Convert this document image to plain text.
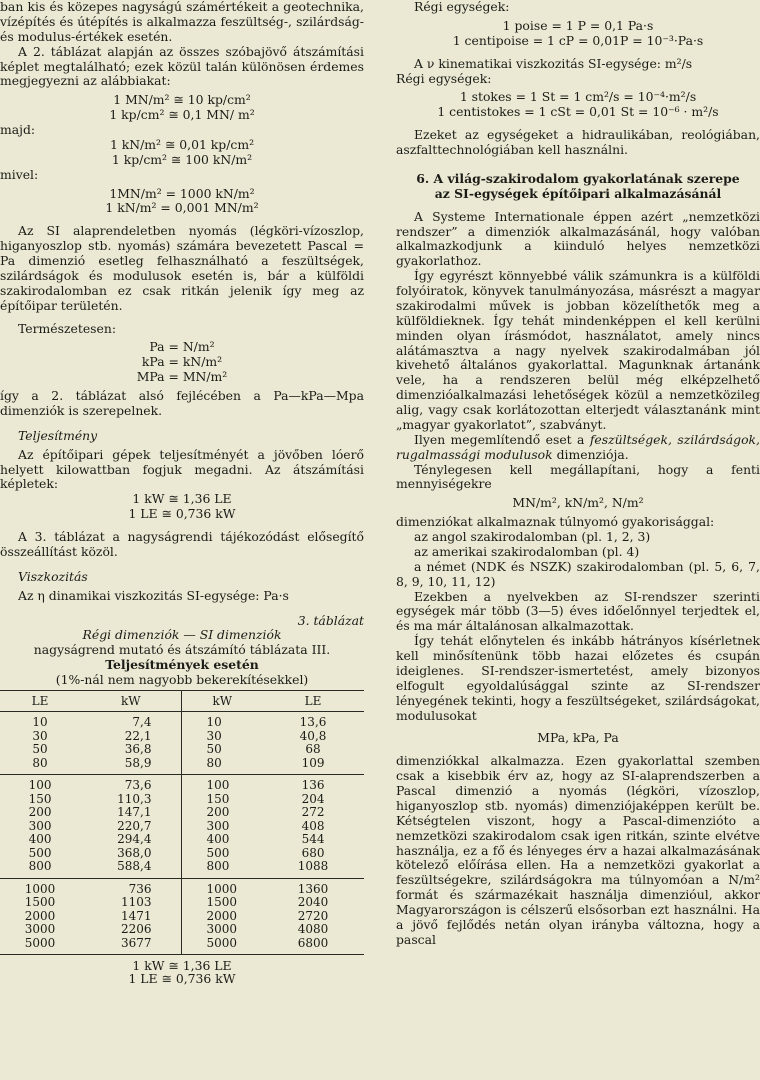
ban kis és közepes nagyságú számértékeit a geotechnika, vízépítés és útépítés is alkalmazza feszültség-, szilárdság- és modulus-értékek esetén.

A 2. táblázat alapján az összes szóbajövő átszámítási képlet megtalálható; ezek közül talán különösen érdemes megjegyezni az alábbiakat:

1 MN/m² ≅ 10 kp/cm²

1 kp/cm² ≅ 0,1 MN/ m²

majd:

1 kN/m² ≅ 0,01 kp/cm²

1 kp/cm² ≅ 100 kN/m²

mivel:

1MN/m² = 1000 kN/m²

1 kN/m² = 0,001 MN/m²

Az SI alaprendeletben nyomás (légköri-vízoszlop, higanyoszlop stb. nyomás) számára bevezetett Pascal = Pa dimenzió esetleg felhasználható a feszültségek, szilárdságok és modulusok esetén is, bár a külföldi szakirodalomban ez csak ritkán jelenik így meg az építőipar területén.

Természetesen:

Pa = N/m²

kPa = kN/m²

MPa = MN/m²

így a 2. táblázat alsó fejlécében a Pa—kPa—Mpa dimenziók is szerepelnek.

Teljesítmény

Az építőipari gépek teljesítményét a jövőben lóerő helyett kilowattban fogjuk megadni. Az átszámítási képletek:

1 kW ≅ 1,36 LE

1 LE ≅ 0,736 kW

A 3. táblázat a nagyságrendi tájékozódást elősegítő összeállítást közöl.

Viszkozitás

Az η dinamikai viszkozitás SI-egysége: Pa·s

3. táblázat

Régi dimenziók — SI dimenziók

nagyságrend mutató és átszámító táblázata III.

Teljesítmények esetén

(1%-nál nem nagyobb bekerekítésekkel)

LE	kW	kW	LE
10	7,4	10	13,6
30	22,1	30	40,8
50	36,8	50	68
80	58,9	80	109
100	73,6	100	136
150	110,3	150	204
200	147,1	200	272
300	220,7	300	408
400	294,4	400	544
500	368,0	500	680
800	588,4	800	1088
1000	736	1000	1360
1500	1103	1500	2040
2000	1471	2000	2720
3000	2206	3000	4080
5000	3677	5000	6800

1 kW ≅ 1,36 LE

1 LE ≅ 0,736 kW

Régi egységek:

1 poise = 1 P = 0,1 Pa·s

1 centipoise = 1 cP = 0,01P = 10⁻³·Pa·s

A ν kinematikai viszkozitás SI-egysége: m²/s

Régi egységek:

1 stokes = 1 St = 1 cm²/s = 10⁻⁴·m²/s

1 centistokes = 1 cSt = 0,01 St = 10⁻⁶ · m²/s

Ezeket az egységeket a hidraulikában, reológiában, aszfalttechnológiában kell használni.

6. A világ-szakirodalom gyakorlatának szerepe

az SI-egységek építőipari alkalmazásánál

A Systeme Internationale éppen azért „nemzetközi rendszer” a dimenziók alkalmazásánál, hogy valóban alkalmazkodjunk a kiinduló helyes nemzetközi gyakorlathoz.

Így egyrészt könnyebbé válik számunkra is a külföldi folyóiratok, könyvek tanulmányozása, másrészt a magyar szakirodalmi művek is jobban közelíthetők meg a külföldieknek. Így tehát mindenképpen el kell kerülni minden olyan írásmódot, használatot, amely nincs alátámasztva a nagy nyelvek szakirodalmában jól kivehető általános gyakorlattal. Magunknak ártanánk vele, ha a rendszeren belül még elképzelhető dimenzióalkalmazási lehetőségek közül a nemzetközileg alig, vagy csak korlátozottan elterjedt választanánk mint „magyar gyakorlatot”, szabványt.

Ilyen megemlítendő eset a feszültségek, szilárdságok, rugalmassági modulusok dimenziója.

Ténylegesen kell megállapítani, hogy a fenti mennyiségekre

MN/m², kN/m², N/m²

dimenziókat alkalmaznak túlnyomó gyakorisággal:

az angol szakirodalomban (pl. 1, 2, 3)

az amerikai szakirodalomban (pl. 4)

a német (NDK és NSZK) szakirodalomban (pl. 5, 6, 7, 8, 9, 10, 11, 12)

Ezekben a nyelvekben az SI-rendszer szerinti egységek már több (3—5) éves időelőnnyel terjedtek el, és ma már általánosan alkalmazottak.

Így tehát előnytelen és inkább hátrányos kísérletnek kell minősítenünk több hazai előzetes és csupán ideiglenes. SI-rendszer-ismertetést, amely bizonyos elfogult egyoldalúsággal szinte az SI-rendszer lényegének tekinti, hogy a feszültségeket, szilárdságokat, modulusokat

MPa, kPa, Pa

dimenziókkal alkalmazza. Ezen gyakorlattal szemben csak a kisebbik érv az, hogy az SI-alaprendszerben a Pascal dimenzió a nyomás (légköri, vízoszlop, higanyoszlop stb. nyomás) dimenziójaképpen került be. Kétségtelen viszont, hogy a Pascal-dimenzióto a nemzetközi szakirodalom csak igen ritkán, szinte elvétve használja, ez a fő és lényeges érv a hazai alkalmazásának kötelező előírása ellen. Ha a nemzetközi gyakorlat a feszültségekre, szilárdságokra ma túlnyomóan a N/m² formát és származékait használja dimenzióul, akkor Magyarországon is célszerű elsősorban ezt használni. Ha a jövő fejlődés netán olyan irányba változna, hogy a pascal
